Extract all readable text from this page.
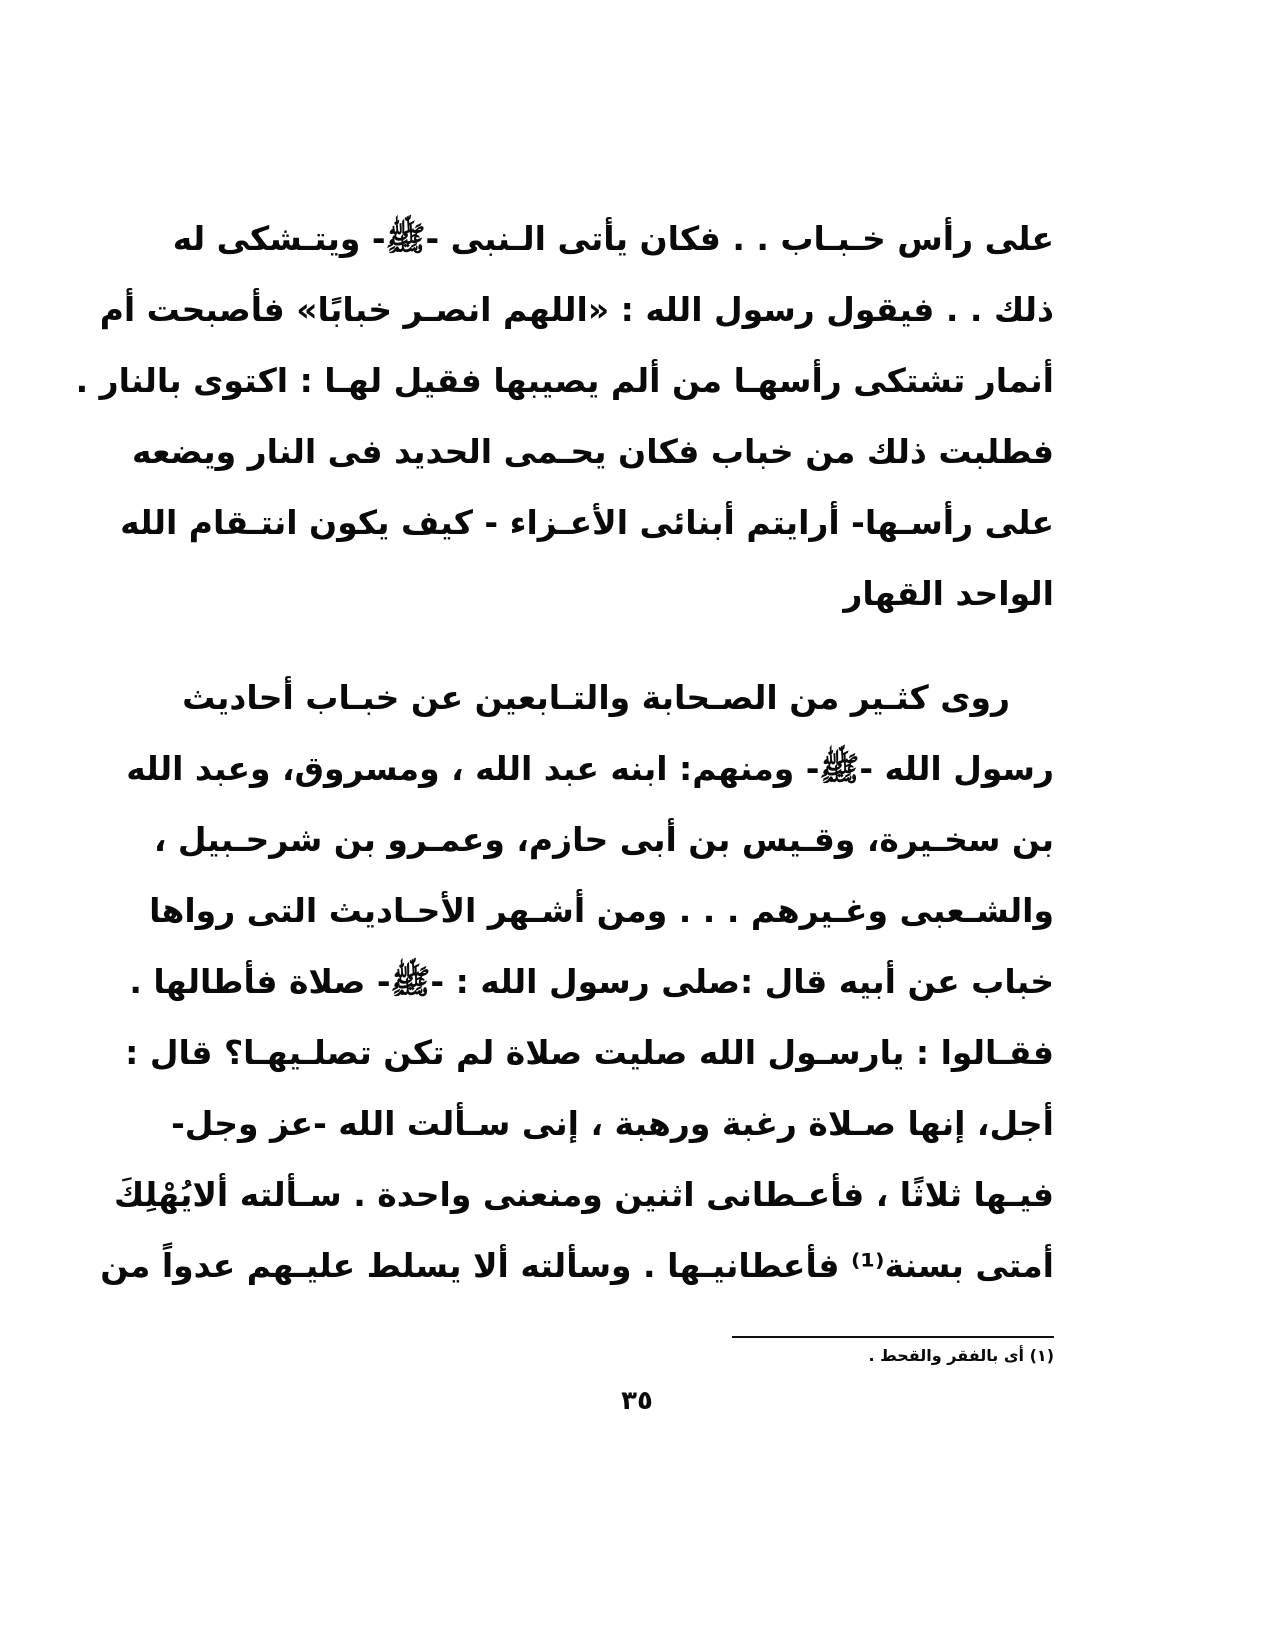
على رأس خـبـاب . . فكان يأتى الـنبى -ﷺ- ويتـشكى له
ذلك . . فيقول رسول الله : «اللهم انصـر خبابًا» فأصبحت أم
أنمار تشتكى رأسهـا من ألم يصيبها فقيل لهـا : اكتوى بالنار .
فطلبت ذلك من خباب فكان يحـمى الحديد فى النار ويضعه
على رأسـها- أرايتم أبنائى الأعـزاء - كيف يكون انتـقام الله
الواحد القهار
روى كثـير من الصـحابة والتـابعين عن خبـاب أحاديث
رسول الله -ﷺ- ومنهم: ابنه عبد الله ، ومسروق، وعبد الله
بن سخـيرة، وقـيس بن أبى حازم، وعمـرو بن شرحـبيل ،
والشـعبى وغـيرهم . . . ومن أشـهر الأحـاديث التى رواها
خباب عن أبيه قال :صلى رسول الله : -ﷺ- صلاة فأطالها .
فقـالوا : يارسـول الله صليت صلاة لم تكن تصلـيهـا؟ قال :
أجل، إنها صـلاة رغبة ورهبة ، إنى سـألت الله -عز وجل-
فيـها ثلاثًا ، فأعـطانى اثنين ومنعنى واحدة . سـألته ألايُهْلِكَ
أمتى بسنة⁽¹⁾ فأعطانيـها . وسألته ألا يسلط عليـهم عدواً من
(١) أى بالفقر والقحط .
٣٥
